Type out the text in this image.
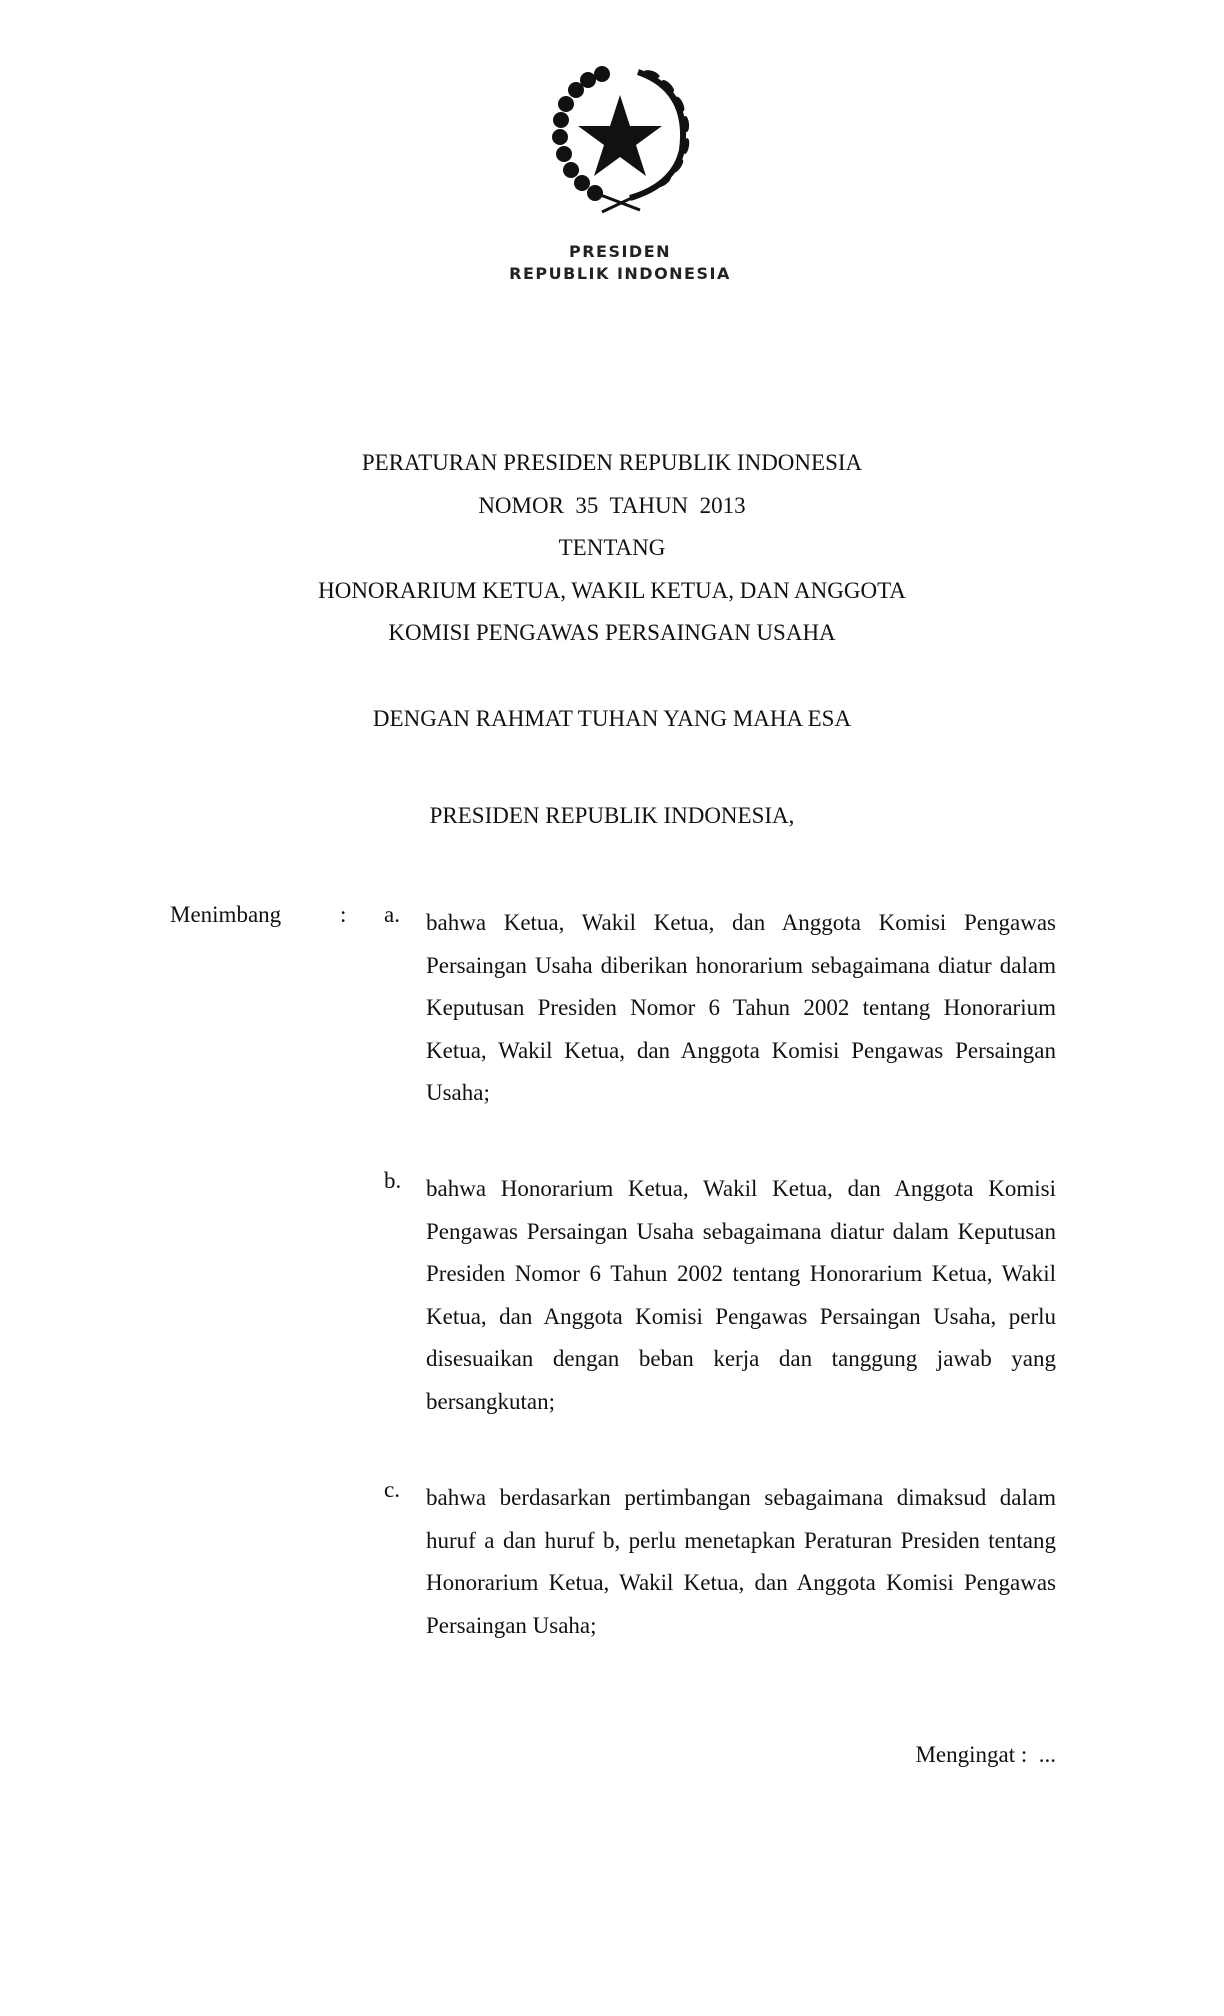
PRESIDEN
REPUBLIK INDONESIA
PERATURAN PRESIDEN REPUBLIK INDONESIA
NOMOR  35  TAHUN  2013
TENTANG
HONORARIUM KETUA, WAKIL KETUA, DAN ANGGOTA
KOMISI PENGAWAS PERSAINGAN USAHA
DENGAN RAHMAT TUHAN YANG MAHA ESA
PRESIDEN REPUBLIK INDONESIA,
Menimbang	: a. bahwa Ketua, Wakil Ketua, dan Anggota Komisi Pengawas Persaingan Usaha diberikan honorarium sebagaimana diatur dalam Keputusan Presiden Nomor 6 Tahun 2002 tentang Honorarium Ketua, Wakil Ketua, dan Anggota Komisi Pengawas Persaingan Usaha;
b. bahwa Honorarium Ketua, Wakil Ketua, dan Anggota Komisi Pengawas Persaingan Usaha sebagaimana diatur dalam Keputusan Presiden Nomor 6 Tahun 2002 tentang Honorarium Ketua, Wakil Ketua, dan Anggota Komisi Pengawas Persaingan Usaha, perlu disesuaikan dengan beban kerja dan tanggung jawab yang bersangkutan;
c. bahwa berdasarkan pertimbangan sebagaimana dimaksud dalam huruf a dan huruf b, perlu menetapkan Peraturan Presiden tentang Honorarium Ketua, Wakil Ketua, dan Anggota Komisi Pengawas Persaingan Usaha;
Mengingat :  ...
